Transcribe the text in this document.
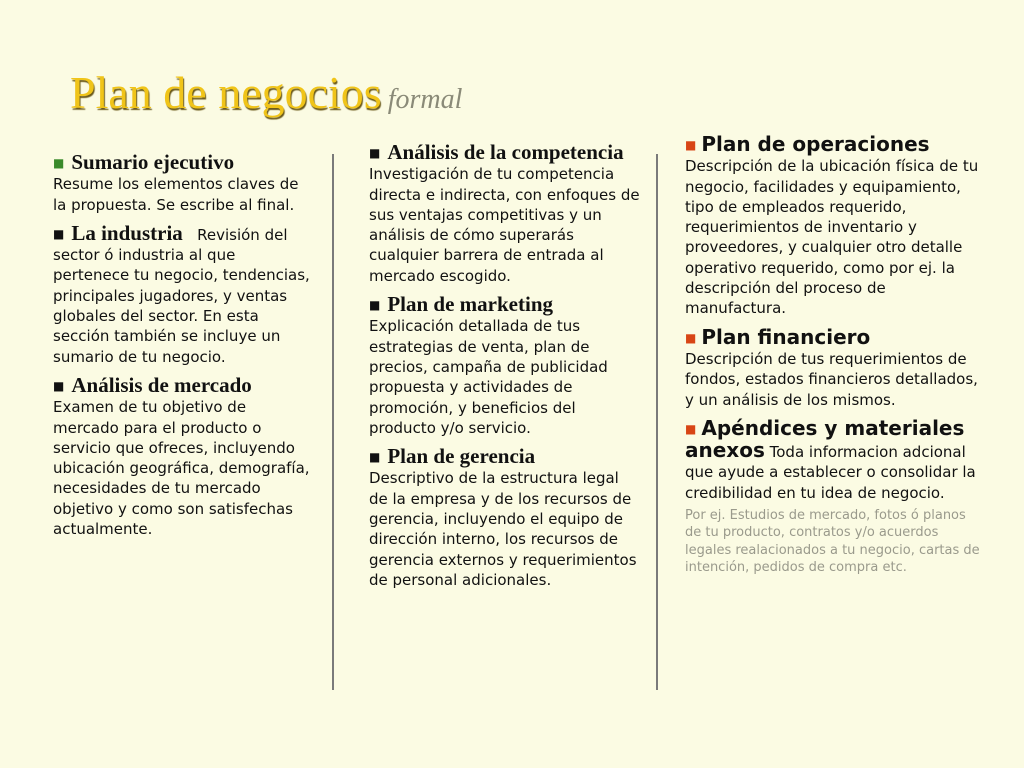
Plan de negocios formal
■ Sumario ejecutivo
Resume los elementos claves de la propuesta. Se escribe al final.
■ La industria Revisión del sector ó industria al que pertenece tu negocio, tendencias, principales jugadores, y ventas globales del sector. En esta sección también se incluye un sumario de tu negocio.
■ Análisis de mercado
Examen de tu objetivo de mercado para el producto o servicio que ofreces, incluyendo ubicación geográfica, demografía, necesidades de tu mercado objetivo y como son satisfechas actualmente.
■ Análisis de la competencia Investigación de tu competencia directa e indirecta, con enfoques de sus ventajas competitivas y un análisis de cómo superarás cualquier barrera de entrada al mercado escogido.
■ Plan de marketing
Explicación detallada de tus estrategias de venta, plan de precios, campaña de publicidad propuesta y actividades de promoción, y beneficios del producto y/o servicio.
■ Plan de gerencia
Descriptivo de la estructura legal de la empresa y de los recursos de gerencia, incluyendo el equipo de dirección interno, los recursos de gerencia externos y requerimientos de personal adicionales.
■ Plan de operaciones
Descripción de la ubicación física de tu negocio, facilidades y equipamiento, tipo de empleados requerido, requerimientos de inventario y proveedores, y cualquier otro detalle operativo requerido, como por ej. la descripción del proceso de manufactura.
■ Plan financiero
Descripción de tus requerimientos de fondos, estados financieros detallados, y un análisis de los mismos.
■ Apéndices y materiales anexos Toda informacion adcional que ayude a establecer o consolidar la credibilidad en tu idea de negocio.
Por ej. Estudios de mercado, fotos ó planos de tu producto, contratos y/o acuerdos legales realacionados a tu negocio, cartas de intención, pedidos de compra etc.
